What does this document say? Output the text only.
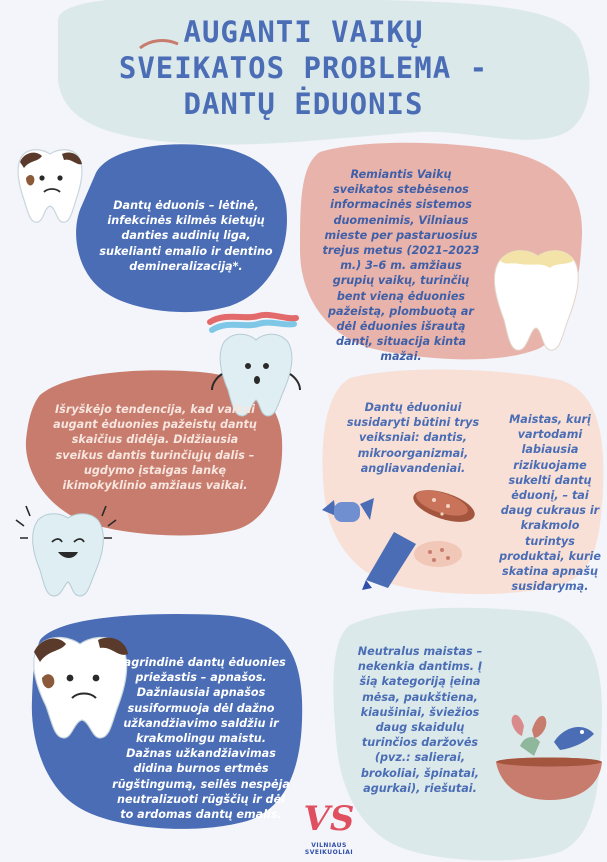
AUGANTI VAIKŲ
SVEIKATOS PROBLEMA -
DANTŲ ĖDUONIS

Dantų ėduonis – lėtinė, infekcinės kilmės kietųjų danties audinių liga, sukelianti emalio ir dentino demineralizaciją*.

Remiantis Vaikų sveikatos stebėsenos informacinės sistemos duomenimis, Vilniaus mieste per pastaruosius trejus metus (2021–2023 m.) 3–6 m. amžiaus grupių vaikų, turinčių bent vieną ėduonies pažeistą, plombuotą ar dėl ėduonies išrautą dantį, situacija kinta mažai.

Išryškėjo tendencija, kad vaikui augant ėduonies pažeistų dantų skaičius didėja. Didžiausia sveikus dantis turinčiųjų dalis – ugdymo įstaigas lankę ikimokyklinio amžiaus vaikai.

Dantų ėduoniui susidaryti būtini trys veiksniai: dantis, mikroorganizmai, angliavandeniai.

Maistas, kurį vartodami labiausia rizikuojame sukelti dantų ėduonį, – tai daug cukraus ir krakmolo turintys produktai, kurie skatina apnašų susidarymą.

Pagrindinė dantų ėduonies priežastis – apnašos. Dažniausiai apnašos susiformuoja dėl dažno užkandžiavimo saldžiu ir krakmolingu maistu. Dažnas užkandžiavimas didina burnos ertmės rūgštingumą, seilės nespėja neutralizuoti rūgščių ir dėl to ardomas dantų emalis.

Neutralus maistas – nekenkia dantims. Į šią kategoriją įeina mėsa, paukštiena, kiaušiniai, šviežios daug skaidulų turinčios daržovės (pvz.: salierai, brokoliai, špinatai, agurkai), riešutai.

VS
VILNIAUS SVEIKUOLIAI
